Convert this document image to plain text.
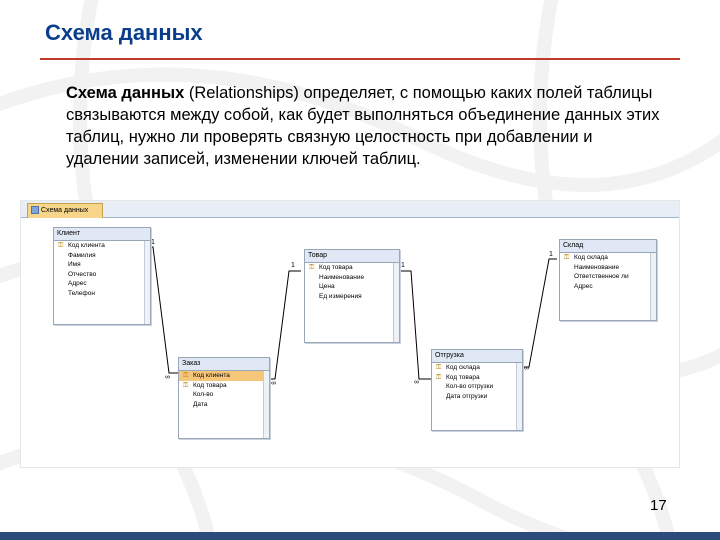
Схема данных
Схема данных (Relationships) определяет, с помощью каких полей таблицы связываются между собой, как будет выполняться объединение данных этих таблиц, нужно ли проверять связную целостность при добавлении и удалении записей, изменении ключей таблиц.
Схема данных
1
∞
1
∞
1
∞
1
∞
Клиент
⚿ Код клиента
Фамилия
Имя
Отчество
Адрес
Телефон
Товар
⚿ Код товара
Наименование
Цена
Ед измерения
Склад
⚿ Код склада
Наименование
Ответственное ли
Адрес
Заказ
⚿ Код клиента
⚿ Код товара
Кол-во
Дата
Отгрузка
⚿ Код склада
⚿ Код товара
Кол-во отгрузки
Дата отгрузки
17
